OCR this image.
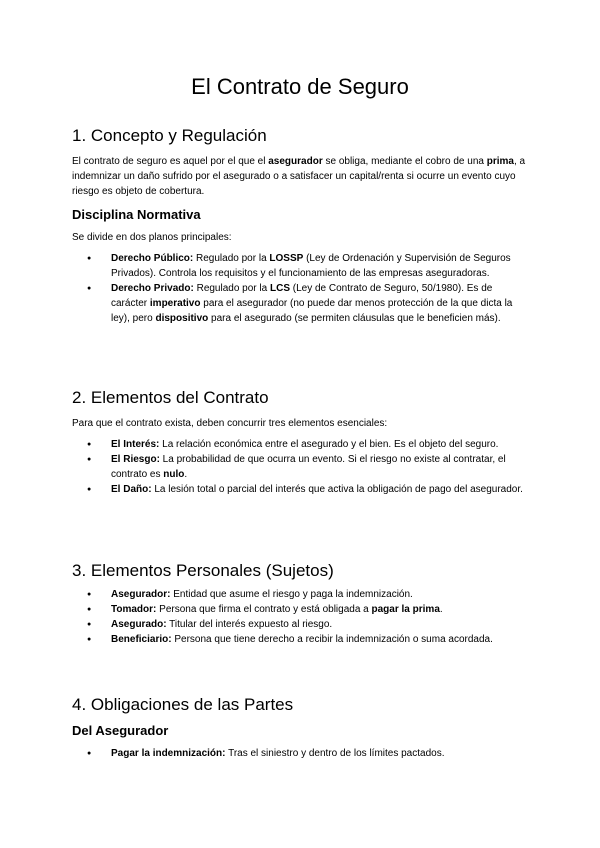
El Contrato de Seguro
1. Concepto y Regulación

El contrato de seguro es aquel por el que el asegurador se obliga, mediante el cobro de una prima, a indemnizar un daño sufrido por el asegurado o a satisfacer un capital/renta si ocurre un evento cuyo riesgo es objeto de cobertura.

Disciplina Normativa

Se divide en dos planos principales:

● Derecho Público: Regulado por la LOSSP (Ley de Ordenación y Supervisión de Seguros Privados). Controla los requisitos y el funcionamiento de las empresas aseguradoras.
● Derecho Privado: Regulado por la LCS (Ley de Contrato de Seguro, 50/1980). Es de carácter imperativo para el asegurador (no puede dar menos protección de la que dicta la ley), pero dispositivo para el asegurado (se permiten cláusulas que le beneficien más).
2. Elementos del Contrato

Para que el contrato exista, deben concurrir tres elementos esenciales:

● El Interés: La relación económica entre el asegurado y el bien. Es el objeto del seguro.
● El Riesgo: La probabilidad de que ocurra un evento. Si el riesgo no existe al contratar, el contrato es nulo.
● El Daño: La lesión total o parcial del interés que activa la obligación de pago del asegurador.
3. Elementos Personales (Sujetos)
● Asegurador: Entidad que asume el riesgo y paga la indemnización.
● Tomador: Persona que firma el contrato y está obligada a pagar la prima.
● Asegurado: Titular del interés expuesto al riesgo.
● Beneficiario: Persona que tiene derecho a recibir la indemnización o suma acordada.
4. Obligaciones de las Partes
Del Asegurador
● Pagar la indemnización: Tras el siniestro y dentro de los límites pactados.
